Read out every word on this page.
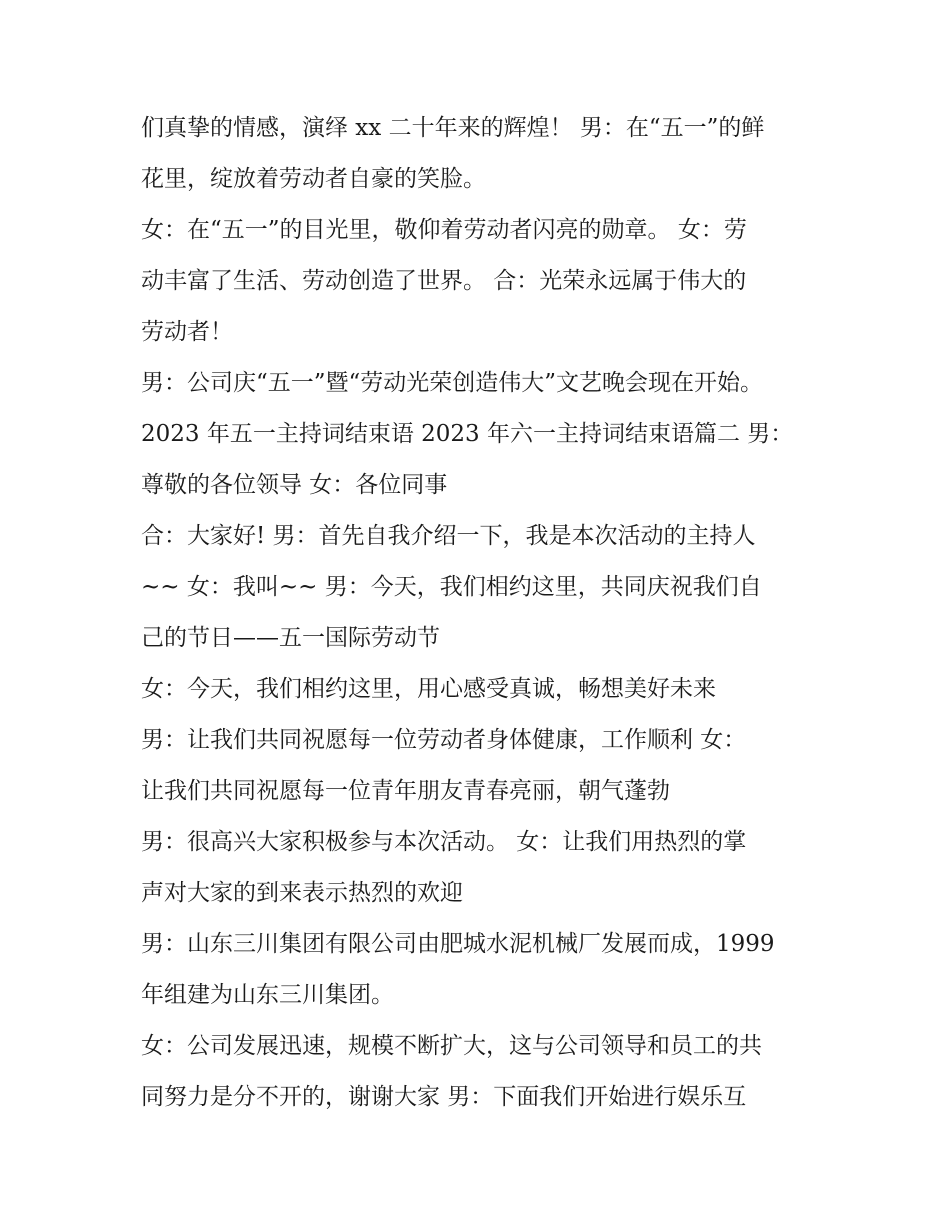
们真挚的情感，演绎 xx 二十年来的辉煌！ 男：在“五一”的鲜
花里，绽放着劳动者自豪的笑脸。
女：在“五一”的目光里，敬仰着劳动者闪亮的勋章。 女：劳
动丰富了生活、劳动创造了世界。 合：光荣永远属于伟大的
劳动者！
男：公司庆“五一”暨“劳动光荣创造伟大”文艺晚会现在开始。
2023 年五一主持词结束语 2023 年六一主持词结束语篇二 男：
尊敬的各位领导 女：各位同事
合：大家好! 男：首先自我介绍一下，我是本次活动的主持人
~~ 女：我叫~~ 男：今天，我们相约这里，共同庆祝我们自
己的节日——五一国际劳动节
女：今天，我们相约这里，用心感受真诚，畅想美好未来
男：让我们共同祝愿每一位劳动者身体健康，工作顺利 女：
让我们共同祝愿每一位青年朋友青春亮丽，朝气蓬勃
男：很高兴大家积极参与本次活动。 女：让我们用热烈的掌
声对大家的到来表示热烈的欢迎
男：山东三川集团有限公司由肥城水泥机械厂发展而成，1999
年组建为山东三川集团。
女：公司发展迅速，规模不断扩大，这与公司领导和员工的共
同努力是分不开的，谢谢大家 男：下面我们开始进行娱乐互
